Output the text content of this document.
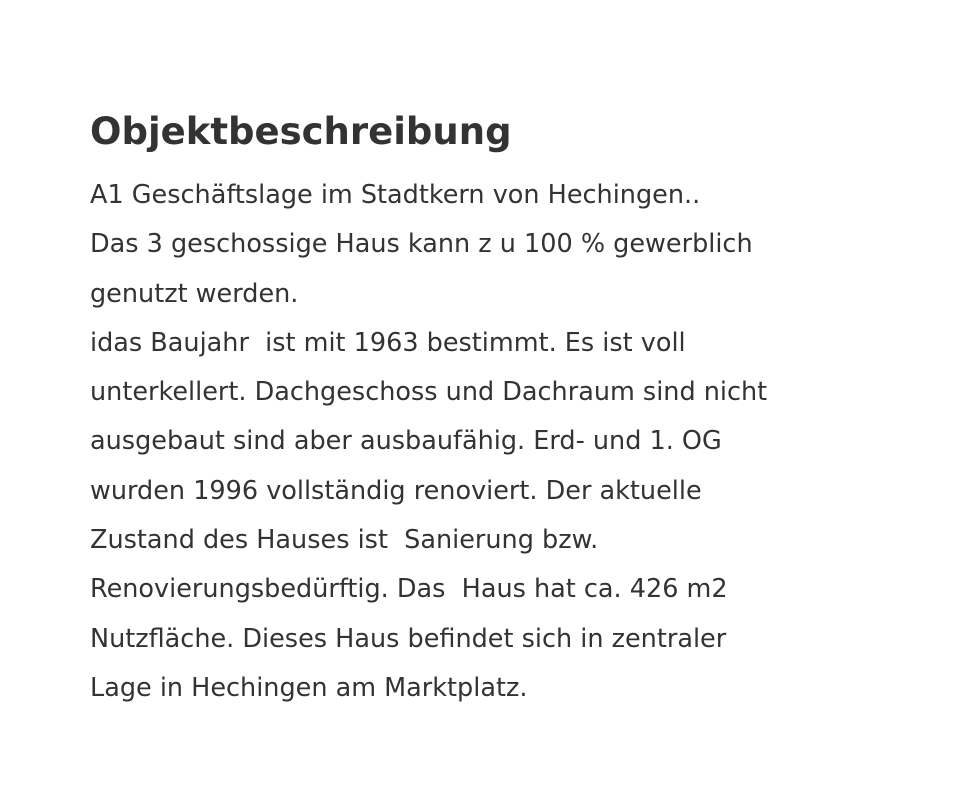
Objektbeschreibung
A1 Geschäftslage im Stadtkern von Hechingen..
Das 3 geschossige Haus kann z u 100 % gewerblich
genutzt werden.
idas Baujahr  ist mit 1963 bestimmt. Es ist voll
unterkellert. Dachgeschoss und Dachraum sind nicht
ausgebaut sind aber ausbaufähig. Erd- und 1. OG
wurden 1996 vollständig renoviert. Der aktuelle
Zustand des Hauses ist  Sanierung bzw.
Renovierungsbedürftig. Das  Haus hat ca. 426 m2
Nutzfläche. Dieses Haus befindet sich in zentraler
Lage in Hechingen am Marktplatz.
